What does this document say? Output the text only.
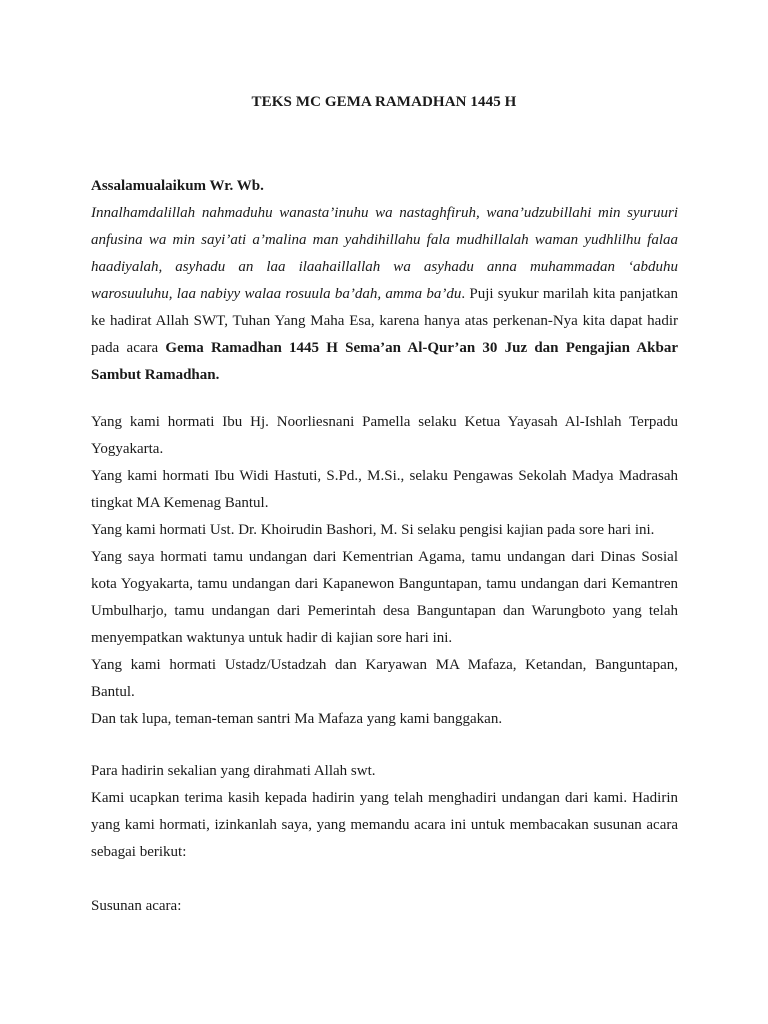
TEKS MC GEMA RAMADHAN 1445 H

Assalamualaikum Wr. Wb.

Innalhamdalillah nahmaduhu wanasta’inuhu wa nastaghfiruh, wana’udzubillahi min syuruuri anfusina wa min sayi’ati a’malina man yahdihillahu fala mudhillalah waman yudhlilhu falaa haadiyalah, asyhadu an laa ilaahaillallah wa asyhadu anna muhammadan ‘abduhu warosuuluhu, laa nabiyy walaa rosuula ba’dah, amma ba’du. Puji syukur marilah kita panjatkan ke hadirat Allah SWT, Tuhan Yang Maha Esa, karena hanya atas perkenan-Nya kita dapat hadir pada acara Gema Ramadhan 1445 H Sema’an Al-Qur’an 30 Juz dan Pengajian Akbar Sambut Ramadhan.

Yang kami hormati Ibu Hj. Noorliesnani Pamella selaku Ketua Yayasah Al-Ishlah Terpadu Yogyakarta.

Yang kami hormati Ibu Widi Hastuti, S.Pd., M.Si., selaku Pengawas Sekolah Madya Madrasah tingkat MA Kemenag Bantul.

Yang kami hormati Ust. Dr. Khoirudin Bashori, M. Si selaku pengisi kajian pada sore hari ini.

Yang saya hormati tamu undangan dari Kementrian Agama, tamu undangan dari Dinas Sosial kota Yogyakarta, tamu undangan dari Kapanewon Banguntapan, tamu undangan dari Kemantren Umbulharjo, tamu undangan dari Pemerintah desa Banguntapan dan Warungboto yang telah menyempatkan waktunya untuk hadir di kajian sore hari ini.

Yang kami hormati Ustadz/Ustadzah dan Karyawan MA Mafaza, Ketandan, Banguntapan, Bantul.

Dan tak lupa, teman-teman santri Ma Mafaza yang kami banggakan.

Para hadirin sekalian yang dirahmati Allah swt.

Kami ucapkan terima kasih kepada hadirin yang telah menghadiri undangan dari kami. Hadirin yang kami hormati, izinkanlah saya, yang memandu acara ini untuk membacakan susunan acara sebagai berikut:

Susunan acara:
